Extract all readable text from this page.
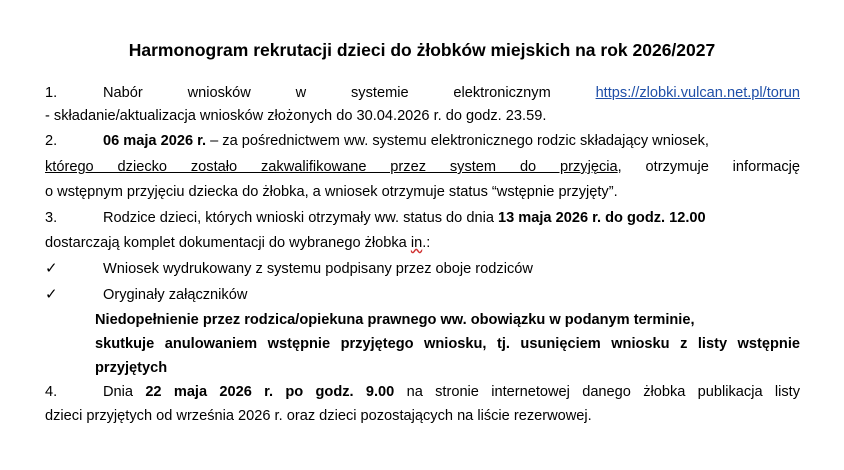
Harmonogram rekrutacji dzieci do żłobków miejskich na rok 2026/2027
1.	Nabór wniosków w systemie elektronicznym	https://zlobki.vulcan.net.pl/torun
- składanie/aktualizacja wniosków złożonych do 30.04.2026 r. do godz. 23.59.
2.	06 maja 2026 r. – za pośrednictwem ww. systemu elektronicznego rodzic składający wniosek,
którego dziecko zostało zakwalifikowane przez system do przyjęcia, otrzymuje informację
o wstępnym przyjęciu dziecka do żłobka, a wniosek otrzymuje status “wstępnie przyjęty”.
3.	Rodzice dzieci, których wnioski otrzymały ww. status do dnia 13 maja 2026 r. do godz. 12.00
dostarczają komplet dokumentacji do wybranego żłobka in.:
✓	Wniosek wydrukowany z systemu podpisany przez oboje rodziców
✓	Oryginały załączników
Niedopełnienie przez rodzica/opiekuna prawnego ww. obowiązku w podanym terminie,
skutkuje anulowaniem wstępnie przyjętego wniosku, tj. usunięciem wniosku z listy wstępnie
przyjętych
4.	Dnia 22 maja 2026 r. po godz. 9.00 na stronie internetowej danego żłobka publikacja listy
dzieci przyjętych od września 2026 r. oraz dzieci pozostających na liście rezerwowej.
